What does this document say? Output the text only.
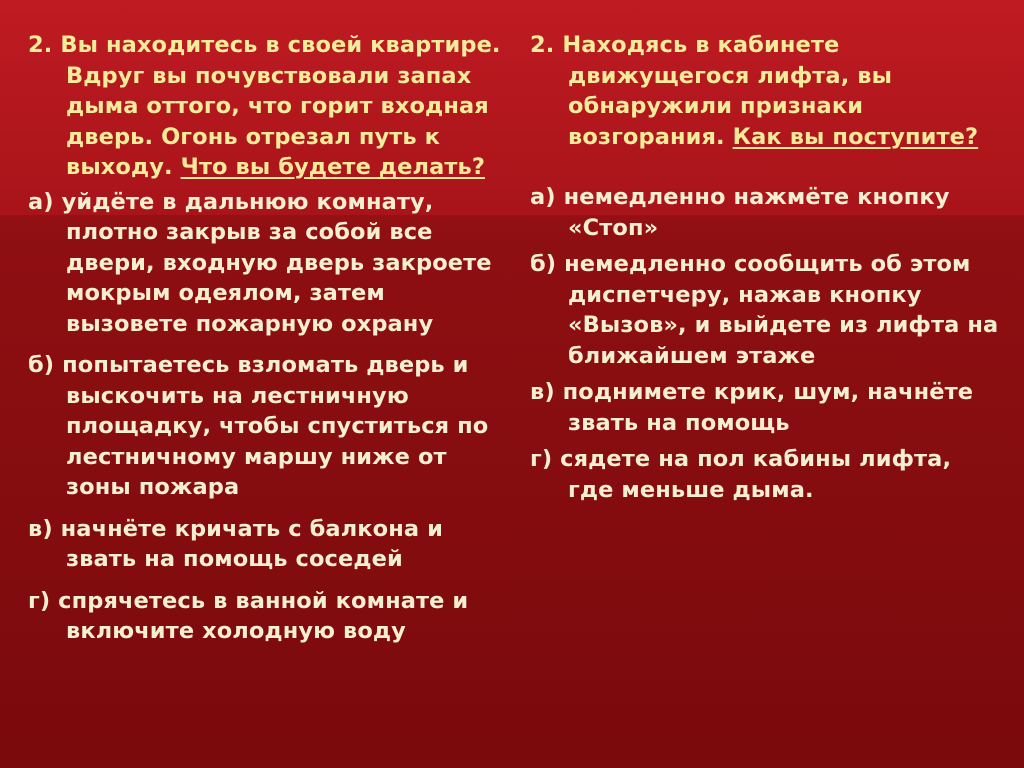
2. Вы находитесь в своей квартире. Вдруг вы почувствовали запах дыма оттого, что горит входная дверь. Огонь отрезал путь к выходу. Что вы будете делать?

а) уйдёте в дальнюю комнату, плотно закрыв за собой все двери, входную дверь закроете мокрым одеялом, затем вызовете пожарную охрану

б) попытаетесь взломать дверь и выскочить на лестничную площадку, чтобы спуститься по лестничному маршу ниже от зоны пожара

в) начнёте кричать с балкона и звать на помощь соседей

г) спрячетесь в ванной комнате и включите холодную воду

2. Находясь в кабинете движущегося лифта, вы обнаружили признаки возгорания. Как вы поступите?

а) немедленно нажмёте кнопку «Стоп»

б) немедленно сообщить об этом диспетчеру, нажав кнопку «Вызов», и выйдете из лифта на ближайшем этаже

в) поднимете крик, шум, начнёте звать на помощь

г) сядете на пол кабины лифта, где меньше дыма.
